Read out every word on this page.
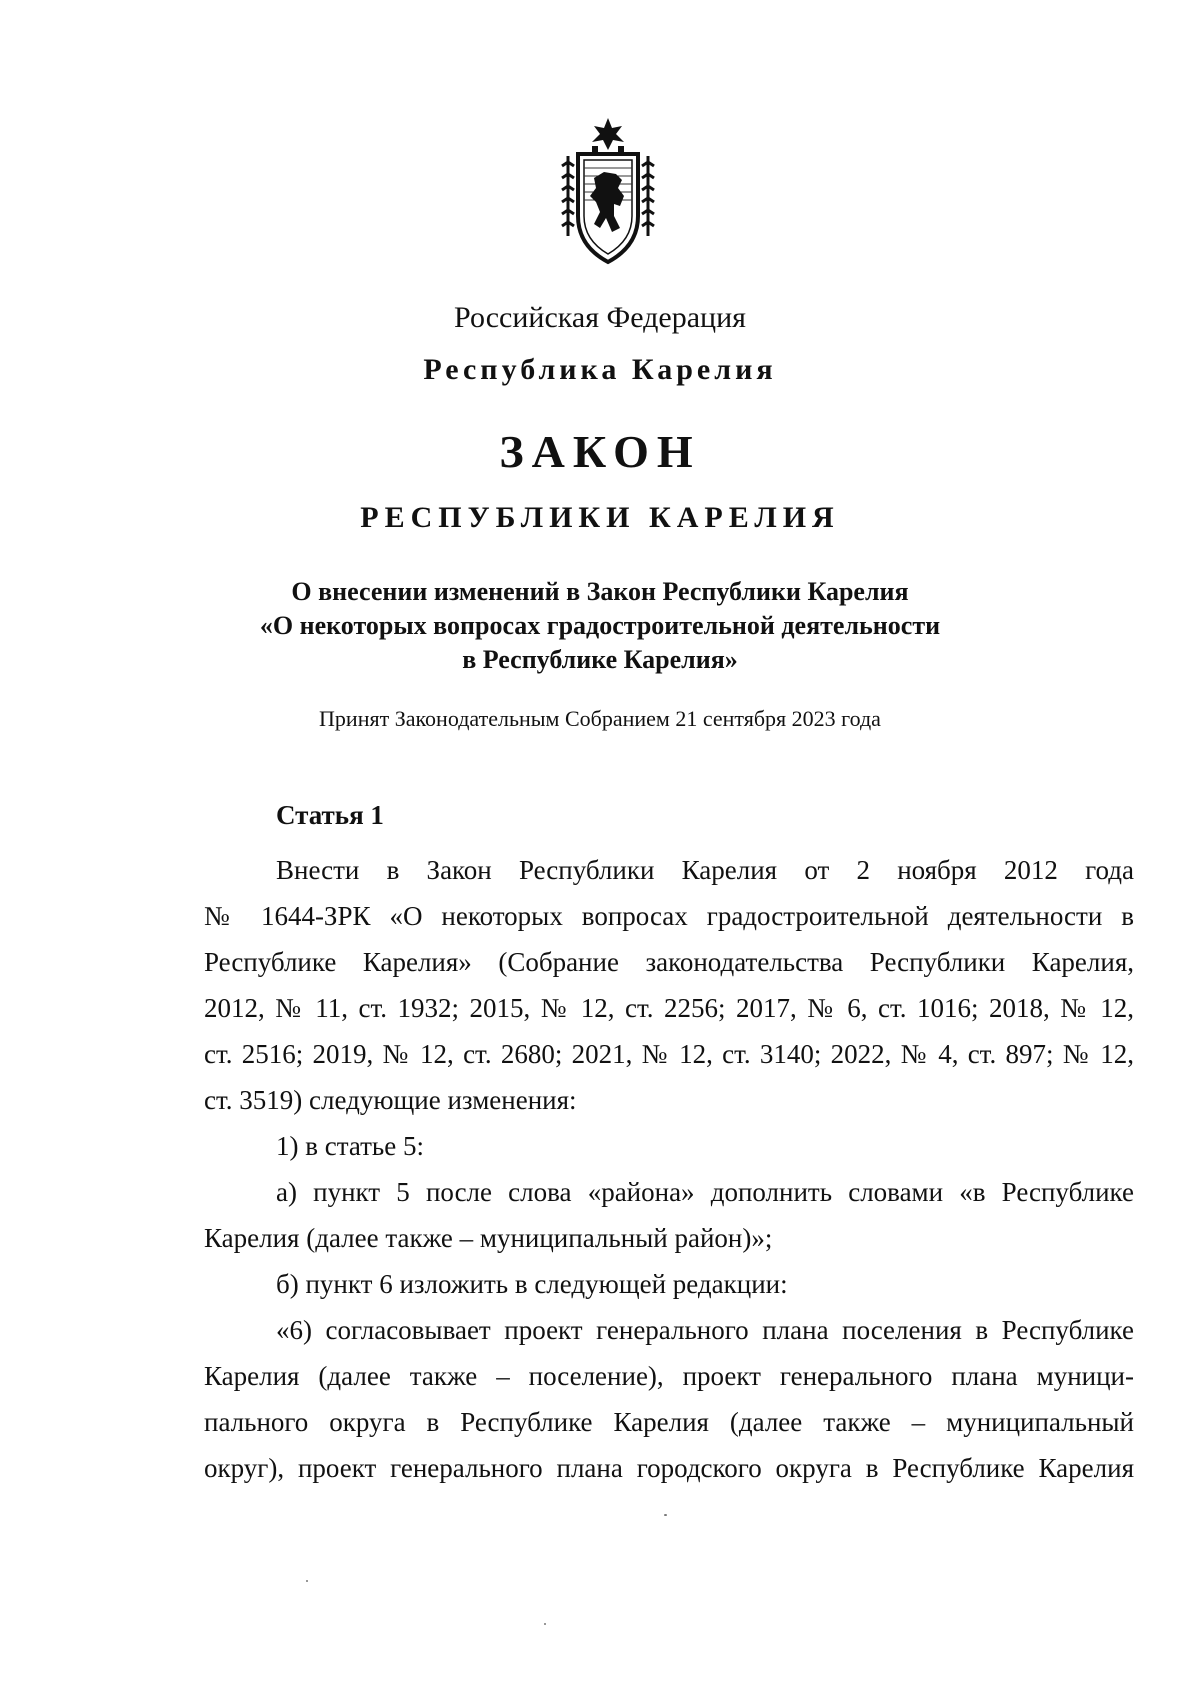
Российская Федерация
Республика Карелия
ЗАКОН
РЕСПУБЛИКИ КАРЕЛИЯ
О внесении изменений в Закон Республики Карелия
«О некоторых вопросах градостроительной деятельности
в Республике Карелия»
Принят Законодательным Собранием 21 сентября 2023 года
Статья 1
Внести в Закон Республики Карелия от 2 ноября 2012 года
№ 1644-ЗРК «О некоторых вопросах градостроительной деятельности в
Республике Карелия» (Собрание законодательства Республики Карелия,
2012, № 11, ст. 1932; 2015, № 12, ст. 2256; 2017, № 6, ст. 1016; 2018, № 12,
ст. 2516; 2019, № 12, ст. 2680; 2021, № 12, ст. 3140; 2022, № 4, ст. 897; № 12,
ст. 3519) следующие изменения:
1) в статье 5:
а) пункт 5 после слова «района» дополнить словами «в Республике
Карелия (далее также – муниципальный район)»;
б) пункт 6 изложить в следующей редакции:
«6) согласовывает проект генерального плана поселения в Республике
Карелия (далее также – поселение), проект генерального плана муници-
пального округа в Республике Карелия (далее также – муниципальный
округ), проект генерального плана городского округа в Республике Карелия
